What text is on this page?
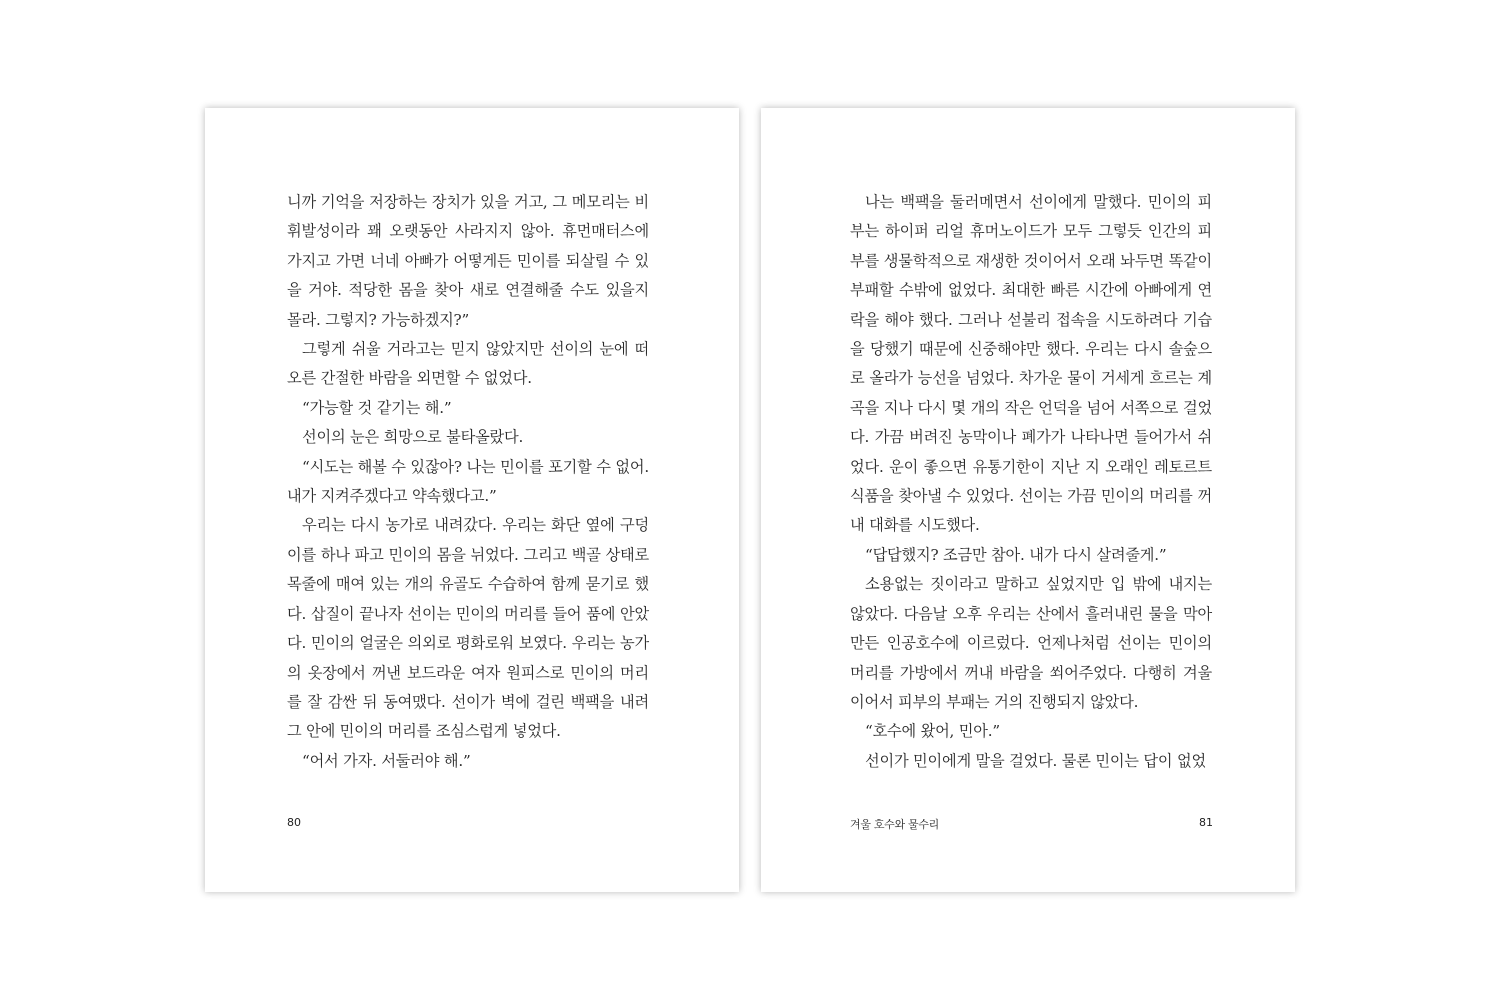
니까 기억을 저장하는 장치가 있을 거고, 그 메모리는 비휘발성이라 꽤 오랫동안 사라지지 않아. 휴먼매터스에 가지고 가면 너네 아빠가 어떻게든 민이를 되살릴 수 있을 거야. 적당한 몸을 찾아 새로 연결해줄 수도 있을지 몰라. 그렇지? 가능하겠지?”

그렇게 쉬울 거라고는 믿지 않았지만 선이의 눈에 떠오른 간절한 바람을 외면할 수 없었다.

“가능할 것 같기는 해.”

선이의 눈은 희망으로 불타올랐다.

“시도는 해볼 수 있잖아? 나는 민이를 포기할 수 없어. 내가 지켜주겠다고 약속했다고.”

우리는 다시 농가로 내려갔다. 우리는 화단 옆에 구덩이를 하나 파고 민이의 몸을 뉘었다. 그리고 백골 상태로 목줄에 매여 있는 개의 유골도 수습하여 함께 묻기로 했다. 삽질이 끝나자 선이는 민이의 머리를 들어 품에 안았다. 민이의 얼굴은 의외로 평화로워 보였다. 우리는 농가의 옷장에서 꺼낸 보드라운 여자 원피스로 민이의 머리를 잘 감싼 뒤 동여맸다. 선이가 벽에 걸린 백팩을 내려 그 안에 민이의 머리를 조심스럽게 넣었다.

“어서 가자. 서둘러야 해.”

80

나는 백팩을 둘러메면서 선이에게 말했다. 민이의 피부는 하이퍼 리얼 휴머노이드가 모두 그렇듯 인간의 피부를 생물학적으로 재생한 것이어서 오래 놔두면 똑같이 부패할 수밖에 없었다. 최대한 빠른 시간에 아빠에게 연락을 해야 했다. 그러나 섣불리 접속을 시도하려다 기습을 당했기 때문에 신중해야만 했다. 우리는 다시 솔숲으로 올라가 능선을 넘었다. 차가운 물이 거세게 흐르는 계곡을 지나 다시 몇 개의 작은 언덕을 넘어 서쪽으로 걸었다. 가끔 버려진 농막이나 폐가가 나타나면 들어가서 쉬었다. 운이 좋으면 유통기한이 지난 지 오래인 레토르트식품을 찾아낼 수 있었다. 선이는 가끔 민이의 머리를 꺼내 대화를 시도했다.

“답답했지? 조금만 참아. 내가 다시 살려줄게.”

소용없는 짓이라고 말하고 싶었지만 입 밖에 내지는 않았다. 다음날 오후 우리는 산에서 흘러내린 물을 막아 만든 인공호수에 이르렀다. 언제나처럼 선이는 민이의 머리를 가방에서 꺼내 바람을 쐬어주었다. 다행히 겨울이어서 피부의 부패는 거의 진행되지 않았다.

“호수에 왔어, 민아.”

선이가 민이에게 말을 걸었다. 물론 민이는 답이 없었

겨울 호수와 물수리	81
